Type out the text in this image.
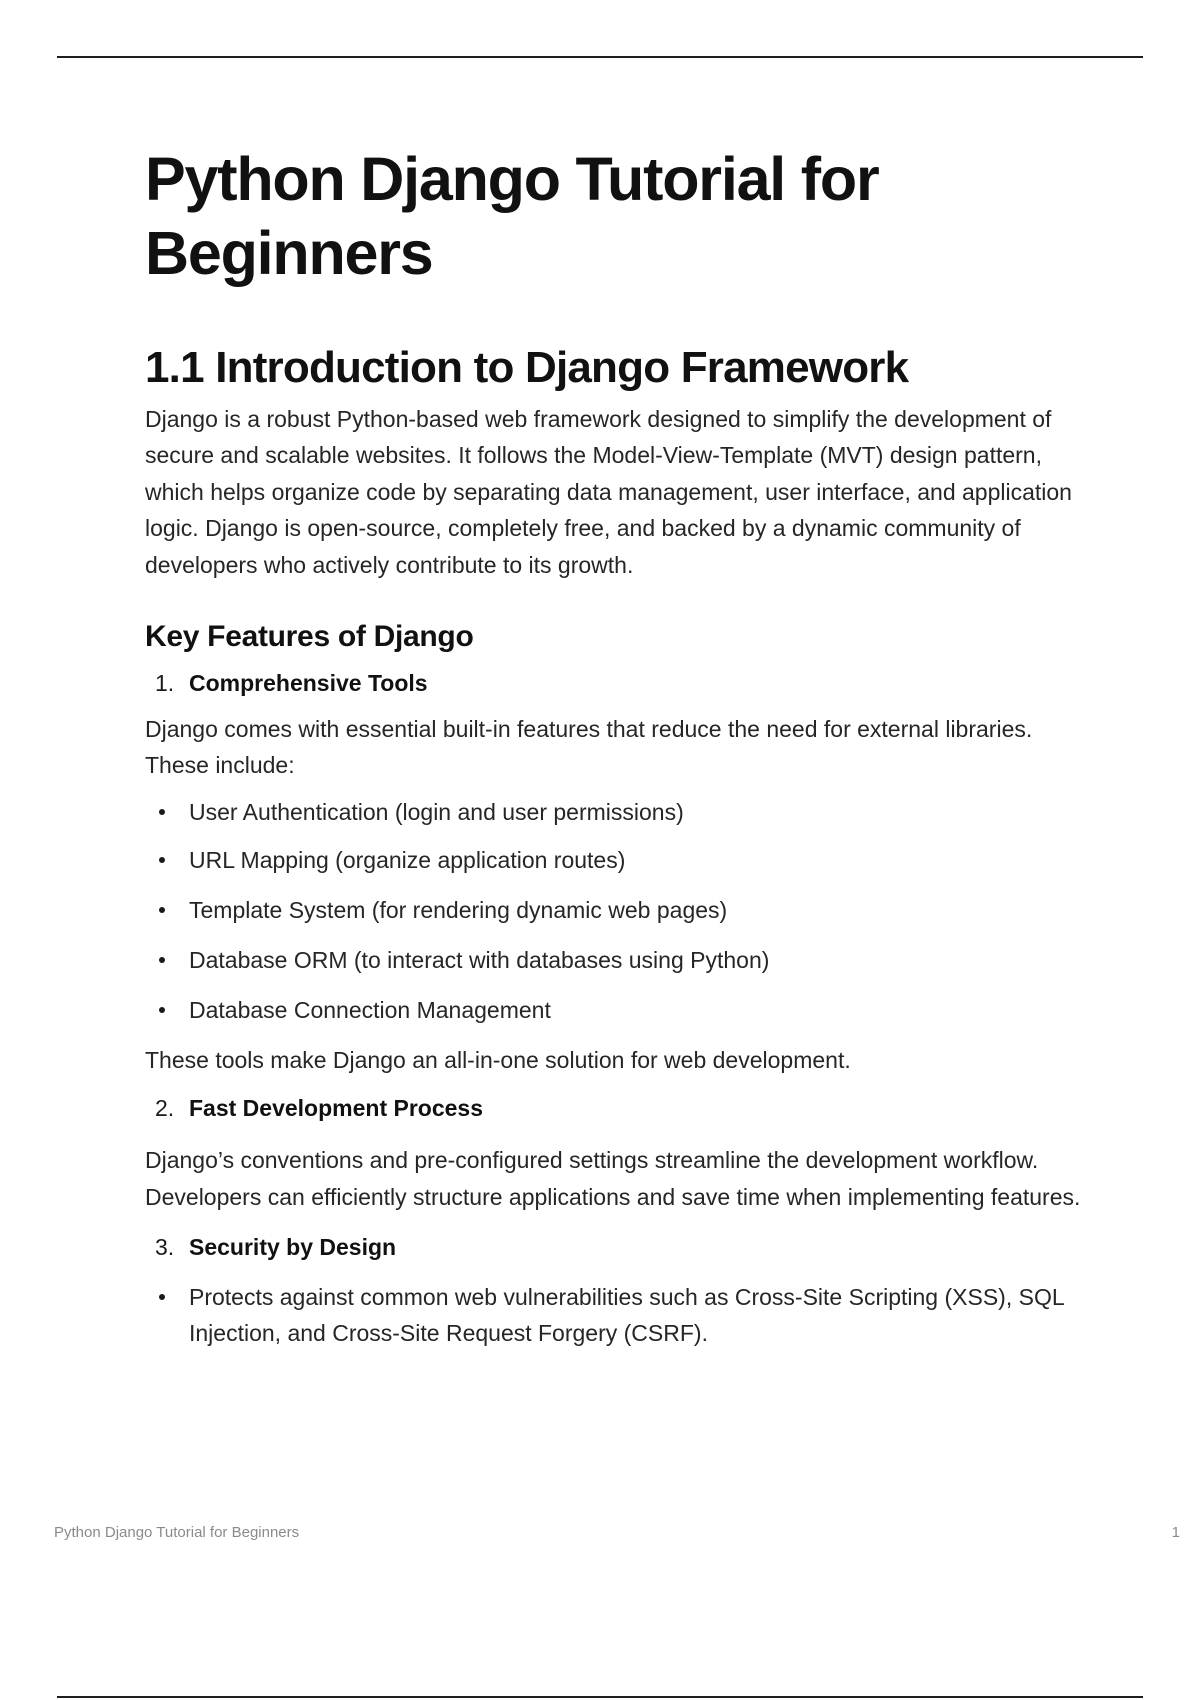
Python Django Tutorial for Beginners
1.1 Introduction to Django Framework

Django is a robust Python-based web framework designed to simplify the development of secure and scalable websites. It follows the Model-View-Template (MVT) design pattern, which helps organize code by separating data management, user interface, and application logic. Django is open-source, completely free, and backed by a dynamic community of developers who actively contribute to its growth.

Key Features of Django
1. Comprehensive Tools

Django comes with essential built-in features that reduce the need for external libraries. These include:

User Authentication (login and user permissions)
URL Mapping (organize application routes)
Template System (for rendering dynamic web pages)
Database ORM (to interact with databases using Python)
Database Connection Management

These tools make Django an all-in-one solution for web development.

2. Fast Development Process

Django’s conventions and pre-configured settings streamline the development workflow. Developers can efficiently structure applications and save time when implementing features.

3. Security by Design
Protects against common web vulnerabilities such as Cross-Site Scripting (XSS), SQL Injection, and Cross-Site Request Forgery (CSRF).
Python Django Tutorial for Beginners	1
